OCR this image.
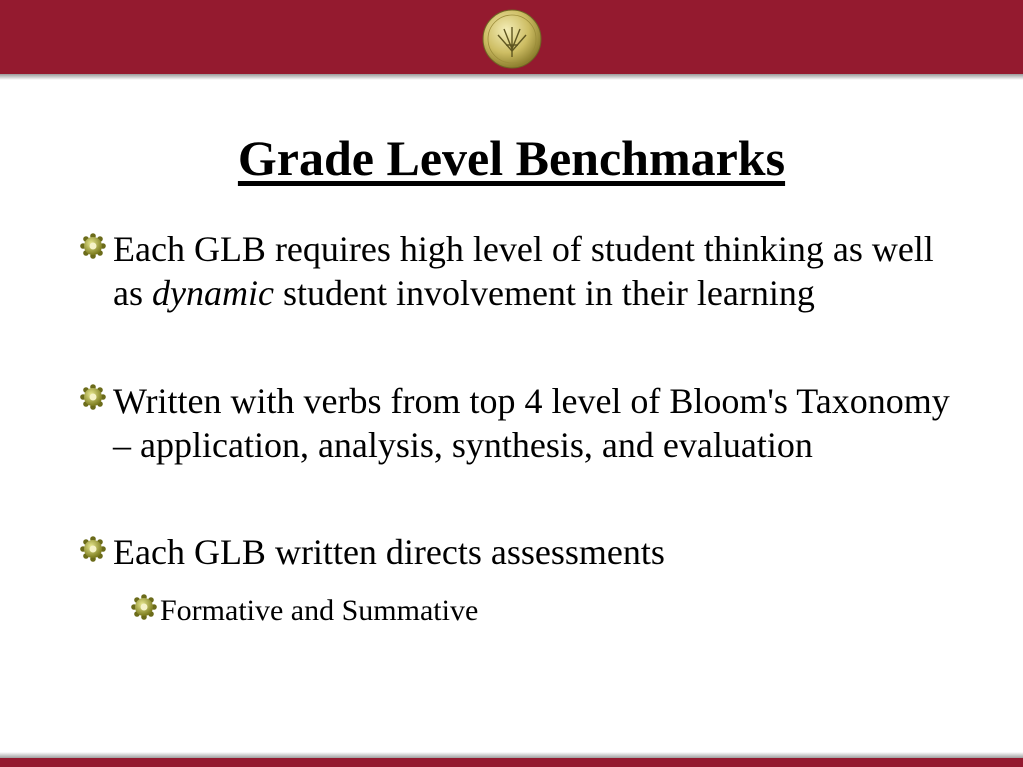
Grade Level Benchmarks
Each GLB requires high level of student thinking as well as dynamic student involvement in their learning
Written with verbs from top 4 level of Bloom's Taxonomy – application, analysis, synthesis, and evaluation
Each GLB written directs assessments
Formative and Summative
